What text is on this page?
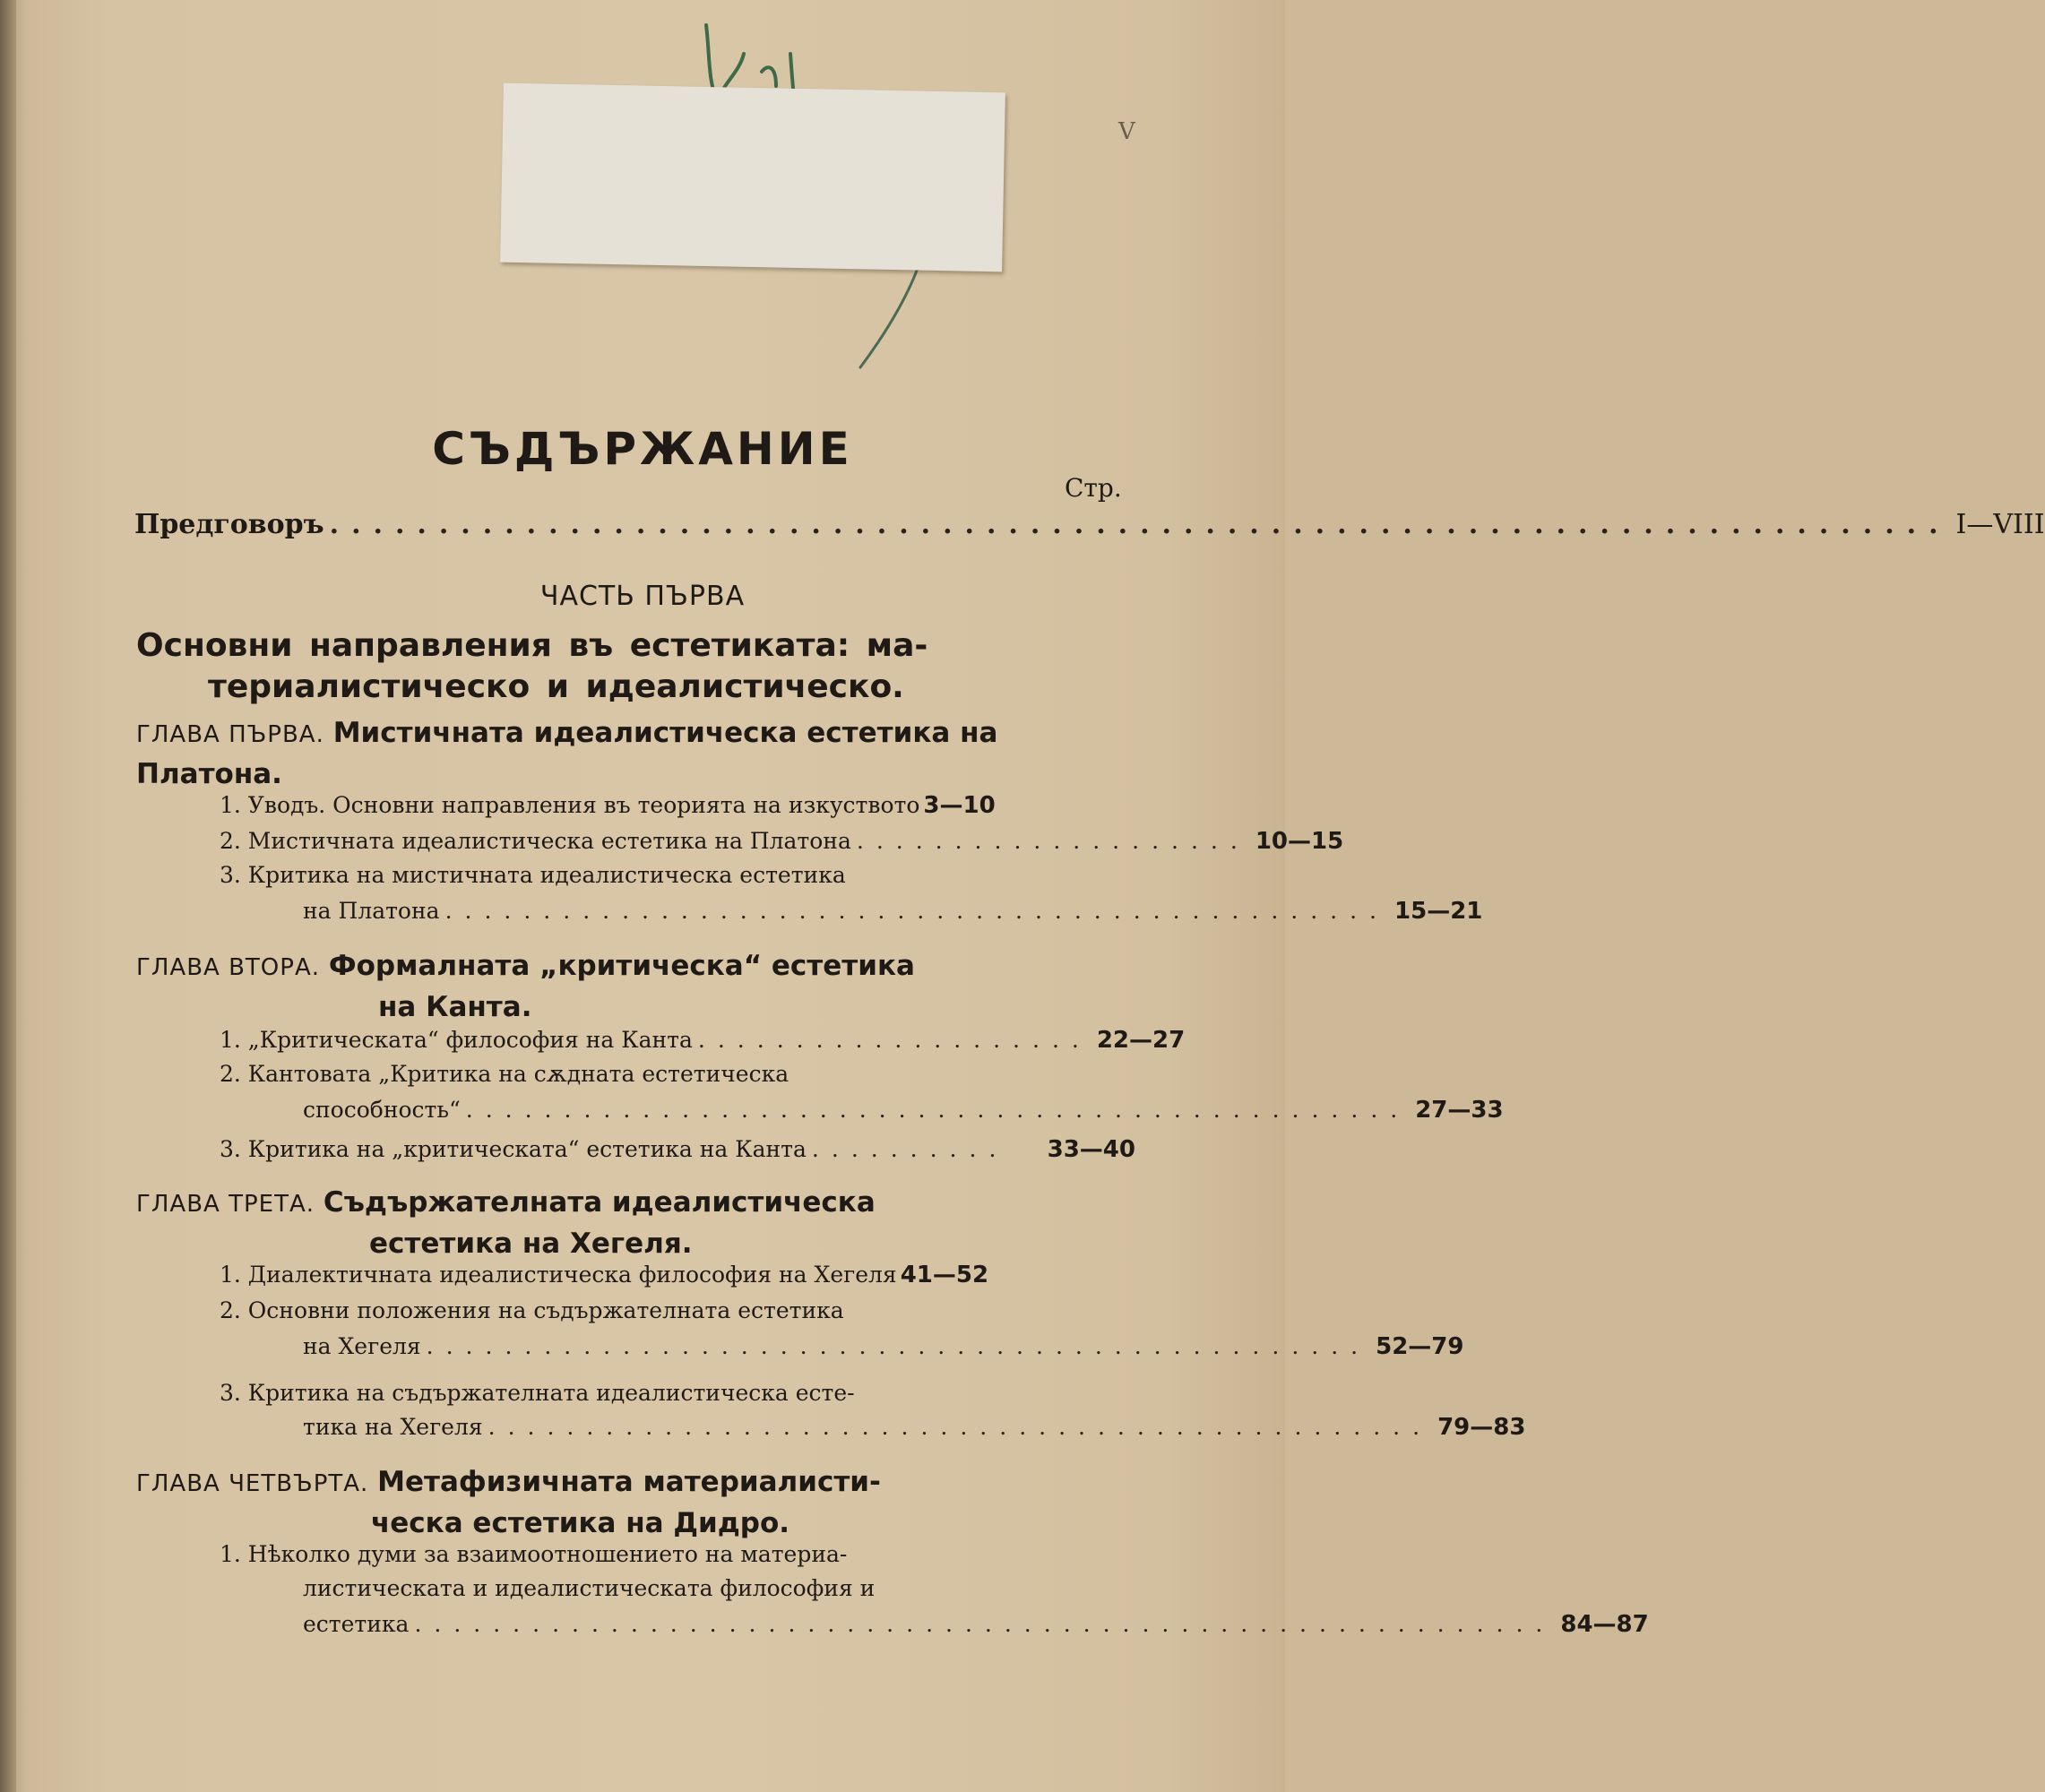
V
СЪДЪРЖАНИЕ
Стр.
Предговоръ .......................................................................... I—VIII
ЧАСТЬ ПЪРВА
Основни направления въ естетиката: ма-
териалистическо и идеалистическо.
ГЛАВА ПЪРВА. Мистичната идеалистическа естетика на
Платона.
1. Уводъ. Основни направления въ теорията на изкуството 3—10
2. Мистичната идеалистическа естетика на Платона .................... 10—15
3. Критика на мистичната идеалистическа естетика
на Платона ................................................ 15—21
ГЛАВА ВТОРА. Формалната „критическа“ естетика
на Канта.
1. „Критическата“ философия на Канта .................... 22—27
2. Кантовата „Критика на сѫдната естетическа
способность“ ................................................ 27—33
3. Критика на „критическата“ естетика на Канта ..........	33—40
ГЛАВА ТРЕТА. Съдържателната идеалистическа
естетика на Хегеля.
1. Диалектичната идеалистическа философия на Хегеля 41—52
2. Основни положения на съдържателната естетика
на Хегеля ................................................ 52—79
3. Критика на съдържателната идеалистическа есте-
тика на Хегеля ................................................ 79—83
ГЛАВА ЧЕТВЪРТА. Метафизичната материалисти-
ческа естетика на Дидро.
1. Нѣколко думи за взаимоотношението на материа-
листическата и идеалистическата философия и
естетика .......................................................... 84—87
